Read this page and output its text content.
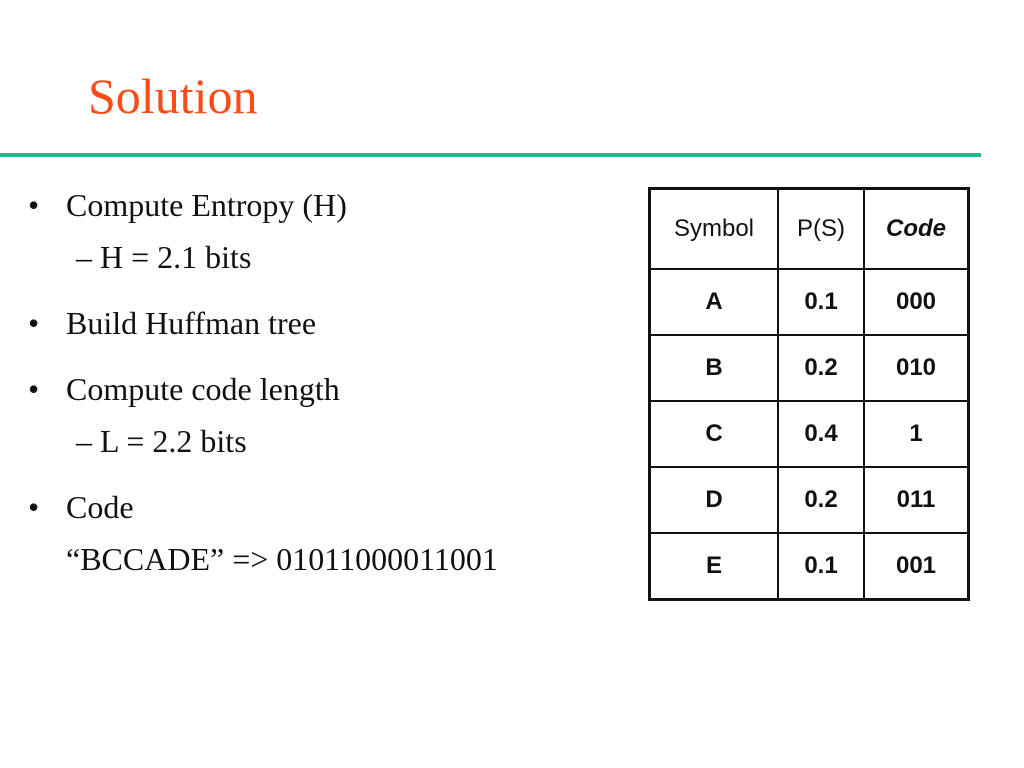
Solution
• Compute Entropy (H)
– H = 2.1 bits
• Build Huffman tree
• Compute code length
– L = 2.2 bits
• Code
“BCCADE” => 01011000011001
Symbol	P(S)	Code
A	0.1	000
B	0.2	010
C	0.4	1
D	0.2	011
E	0.1	001
